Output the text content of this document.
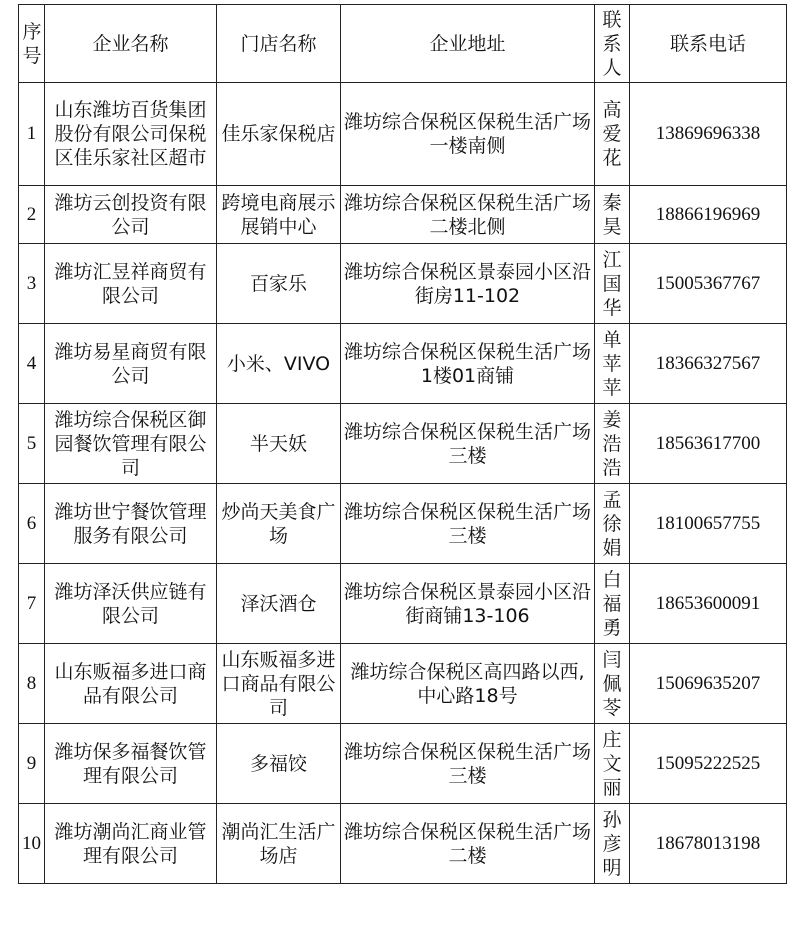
序号	企业名称	门店名称	企业地址	联系人	联系电话
1	山东潍坊百货集团股份有限公司保税区佳乐家社区超市	佳乐家保税店	潍坊综合保税区保税生活广场一楼南侧	高爱花	13869696338
2	潍坊云创投资有限公司	跨境电商展示展销中心	潍坊综合保税区保税生活广场二楼北侧	秦昊	18866196969
3	潍坊汇昱祥商贸有限公司	百家乐	潍坊综合保税区景泰园小区沿街房11-102	江国华	15005367767
4	潍坊易星商贸有限公司	小米、VIVO	潍坊综合保税区保税生活广场1楼01商铺	单苹苹	18366327567
5	潍坊综合保税区御园餐饮管理有限公司	半天妖	潍坊综合保税区保税生活广场三楼	姜浩浩	18563617700
6	潍坊世宁餐饮管理服务有限公司	炒尚天美食广场	潍坊综合保税区保税生活广场三楼	孟徐娟	18100657755
7	潍坊泽沃供应链有限公司	泽沃酒仓	潍坊综合保税区景泰园小区沿街商铺13-106	白福勇	18653600091
8	山东贩福多进口商品有限公司	山东贩福多进口商品有限公司	潍坊综合保税区高四路以西,中心路18号	闫佩苓	15069635207
9	潍坊保多福餐饮管理有限公司	多福饺	潍坊综合保税区保税生活广场三楼	庄文丽	15095222525
10	潍坊潮尚汇商业管理有限公司	潮尚汇生活广场店	潍坊综合保税区保税生活广场二楼	孙彦明	18678013198
